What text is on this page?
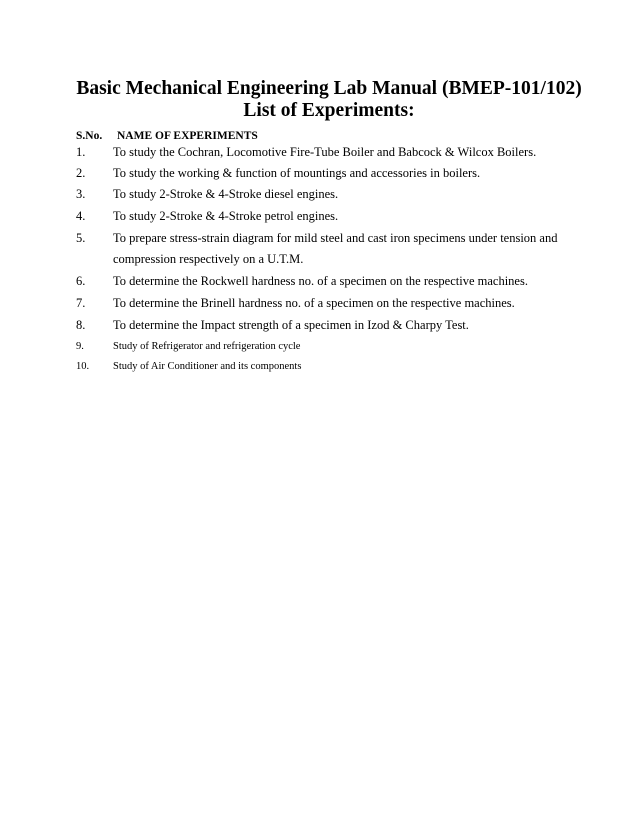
Basic Mechanical Engineering Lab Manual (BMEP-101/102)
List of Experiments:
S.No. NAME OF EXPERIMENTS
1. To study the Cochran, Locomotive Fire-Tube Boiler and Babcock & Wilcox Boilers.
2. To study the working & function of mountings and accessories in boilers.
3. To study 2-Stroke & 4-Stroke diesel engines.
4. To study 2-Stroke & 4-Stroke petrol engines.
5. To prepare stress-strain diagram for mild steel and cast iron specimens under tension and
compression respectively on a U.T.M.
6. To determine the Rockwell hardness no. of a specimen on the respective machines.
7. To determine the Brinell hardness no. of a specimen on the respective machines.
8. To determine the Impact strength of a specimen in Izod & Charpy Test.
9.	Study of Refrigerator and refrigeration cycle
10. Study of Air Conditioner and its components
